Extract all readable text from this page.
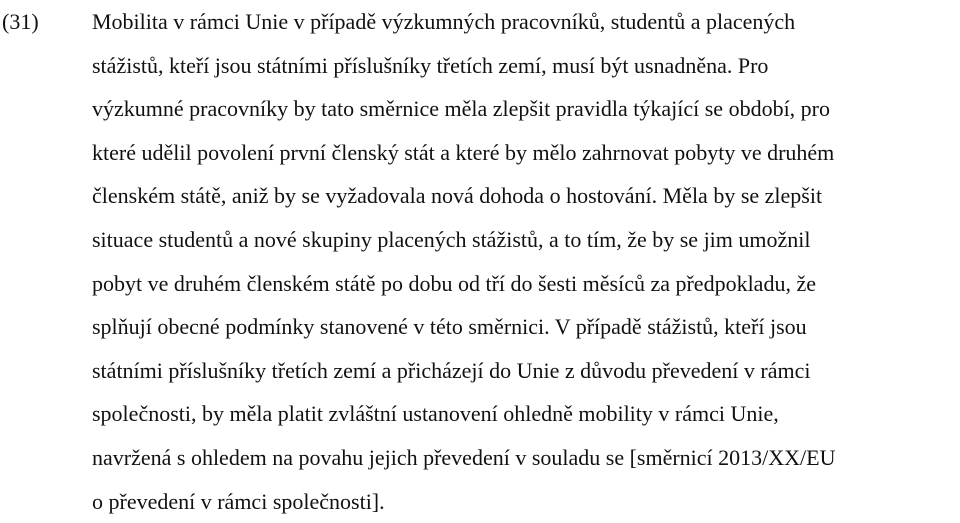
(31) Mobilita v rámci Unie v případě výzkumných pracovníků, studentů a placených
stážistů, kteří jsou státními příslušníky třetích zemí, musí být usnadněna. Pro
výzkumné pracovníky by tato směrnice měla zlepšit pravidla týkající se období, pro
které udělil povolení první členský stát a které by mělo zahrnovat pobyty ve druhém
členském státě, aniž by se vyžadovala nová dohoda o hostování. Měla by se zlepšit
situace studentů a nové skupiny placených stážistů, a to tím, že by se jim umožnil
pobyt ve druhém členském státě po dobu od tří do šesti měsíců za předpokladu, že
splňují obecné podmínky stanovené v této směrnici. V případě stážistů, kteří jsou
státními příslušníky třetích zemí a přicházejí do Unie z důvodu převedení v rámci
společnosti, by měla platit zvláštní ustanovení ohledně mobility v rámci Unie,
navržená s ohledem na povahu jejich převedení v souladu se [směrnicí 2013/XX/EU
o převedení v rámci společnosti].
